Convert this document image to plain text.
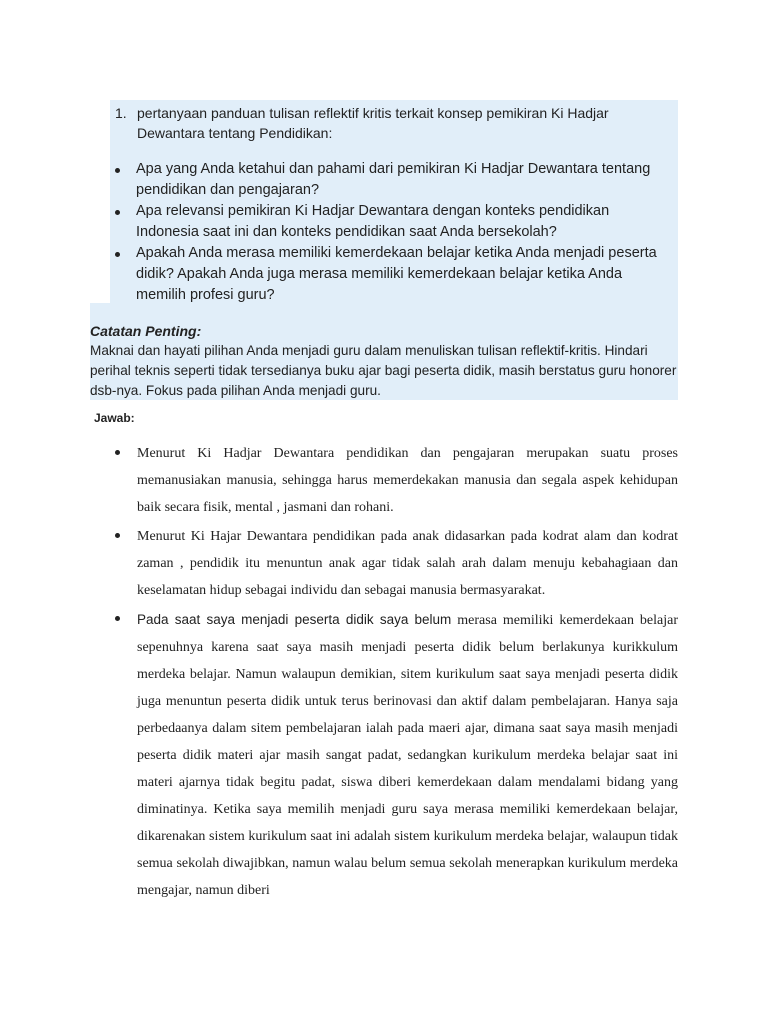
1. pertanyaan panduan tulisan reflektif kritis terkait konsep pemikiran Ki Hadjar Dewantara tentang Pendidikan:
Apa yang Anda ketahui dan pahami dari pemikiran Ki Hadjar Dewantara tentang pendidikan dan pengajaran?
Apa relevansi pemikiran Ki Hadjar Dewantara dengan konteks pendidikan Indonesia saat ini dan konteks pendidikan saat Anda bersekolah?
Apakah Anda merasa memiliki kemerdekaan belajar ketika Anda menjadi peserta didik? Apakah Anda juga merasa memiliki kemerdekaan belajar ketika Anda memilih profesi guru?
Catatan Penting:
Maknai dan hayati pilihan Anda menjadi guru dalam menuliskan tulisan reflektif-kritis. Hindari perihal teknis seperti tidak tersedianya buku ajar bagi peserta didik, masih berstatus guru honorer dsb-nya. Fokus pada pilihan Anda menjadi guru.
Jawab:
Menurut Ki Hadjar Dewantara pendidikan dan pengajaran merupakan suatu proses memanusiakan manusia, sehingga harus memerdekakan manusia dan segala aspek kehidupan baik secara fisik, mental , jasmani dan rohani.
Menurut Ki Hajar Dewantara pendidikan pada anak didasarkan pada kodrat alam dan kodrat zaman , pendidik itu menuntun anak agar tidak salah arah dalam menuju kebahagiaan dan keselamatan hidup sebagai individu dan sebagai manusia bermasyarakat.
Pada saat saya menjadi peserta didik saya belum merasa memiliki kemerdekaan belajar sepenuhnya karena saat saya masih menjadi peserta didik belum berlakunya kurikkulum merdeka belajar. Namun walaupun demikian, sitem kurikulum saat saya menjadi peserta didik juga menuntun peserta didik untuk terus berinovasi dan aktif dalam pembelajaran. Hanya saja perbedaanya dalam sitem pembelajaran ialah pada maeri ajar, dimana saat saya masih menjadi peserta didik materi ajar masih sangat padat, sedangkan kurikulum merdeka belajar saat ini materi ajarnya tidak begitu padat, siswa diberi kemerdekaan dalam mendalami bidang yang diminatinya. Ketika saya memilih menjadi guru saya merasa memiliki kemerdekaan belajar, dikarenakan sistem kurikulum saat ini adalah sistem kurikulum merdeka belajar, walaupun tidak semua sekolah diwajibkan, namun walau belum semua sekolah menerapkan kurikulum merdeka mengajar, namun diberi
